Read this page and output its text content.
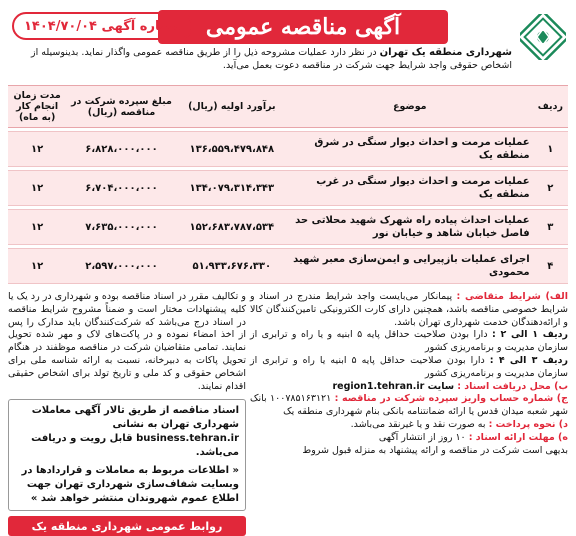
آگهی مناقصه عمومی
شماره آگهی

۱۴۰۴/۷۰/۰۴
شهرداری منطقه یک تهران در نظر دارد عملیات مشروحه ذیل را از طریق مناقصه عمومی واگذار نماید. بدینوسیله از اشخاص حقوقی واجد شرایط جهت شرکت در مناقصه دعوت بعمل می‌آید.
ردیف	موضوع	برآورد اولیه (ریال)	مبلغ سپرده شرکت در مناقصه (ریال)	مدت زمان انجام کار (به ماه)
۱	عملیات مرمت و احداث دیوار سنگی در شرق منطقه یک	۱۳۶،۵۵۹،۴۷۹،۸۴۸	۶،۸۲۸،۰۰۰،۰۰۰	۱۲
۲	عملیات مرمت و احداث دیوار سنگی در غرب منطقه یک	۱۳۴،۰۷۹،۳۱۴،۳۴۳	۶،۷۰۴،۰۰۰،۰۰۰	۱۲
۳	عملیات احداث پیاده راه شهرک شهید محلاتی حد فاصل خیابان شاهد و خیابان نور	۱۵۲،۶۸۳،۷۸۷،۵۳۴	۷،۶۳۵،۰۰۰،۰۰۰	۱۲
۴	اجرای عملیات بازپیرایی و ایمن‌سازی معبر شهید محمودی	۵۱،۹۳۳،۶۷۶،۳۳۰	۲،۵۹۷،۰۰۰،۰۰۰	۱۲
الف) شرایط متقاضی : پیمانکار می‌بایست واجد شرایط مندرج در اسناد و شرایط خصوصی مناقصه باشد، همچنین دارای کارت الکترونیکی تامین‌کنندگان کالا و ارائه‌دهندگان خدمت شهرداری تهران باشد.
ردیف ۱ الی ۲ : دارا بودن صلاحیت حداقل پایه ۵ ابنیه و یا راه و ترابری از سازمان مدیریت و برنامه‌ریزی کشور
ردیف ۳ الی ۴ : دارا بودن صلاحیت حداقل پایه ۵ ابنیه یا راه و ترابری از سازمان مدیریت و برنامه‌ریزی کشور
ب) محل دریافت اسناد : سایت region1.tehran.ir
ج) شماره حساب واریز سپرده شرکت در مناقصه : ۱۰۰۷۸۵۱۶۳۱۲۱ بانک شهر شعبه میدان قدس یا ارائه ضمانتنامه بانکی بنام شهرداری منطقه یک
د) نحوه پرداخت : به صورت نقد و یا غیرنقد می‌باشد.
ه) مهلت ارائه اسناد : ۱۰ روز از انتشار آگهی
بدیهی است شرکت در مناقصه و ارائه پیشنهاد به منزله قبول شروط
و تکالیف مقرر در اسناد مناقصه بوده و شهرداری در رد یک یا کلیه پیشنهادات مختار است و ضمناً مشروح شرایط مناقصه در اسناد درج می‌باشد که شرکت‌کنندگان باید مدارک را پس از اخذ امضاء نموده و در پاکت‌های لاک و مهر شده تحویل نمایند. تمامی متقاضیان شرکت در مناقصه موظفند در هنگام تحویل پاکات به دبیرخانه، نسبت به ارائه شناسه ملی برای اشخاص حقوقی و کد ملی و تاریخ تولد برای اشخاص حقیقی اقدام نمایند.
اسناد مناقصه از طریق تالار آگهی معاملات شهرداری تهران به نشانی business.tehran.ir قابل رویت و دریافت می‌باشد.
« اطلاعات مربوط به معاملات و قراردادها در وبسایت شفاف‌سازی شهرداری تهران جهت اطلاع عموم شهروندان منتشر خواهد شد »
روابط عمومی شهرداری منطقه یک
